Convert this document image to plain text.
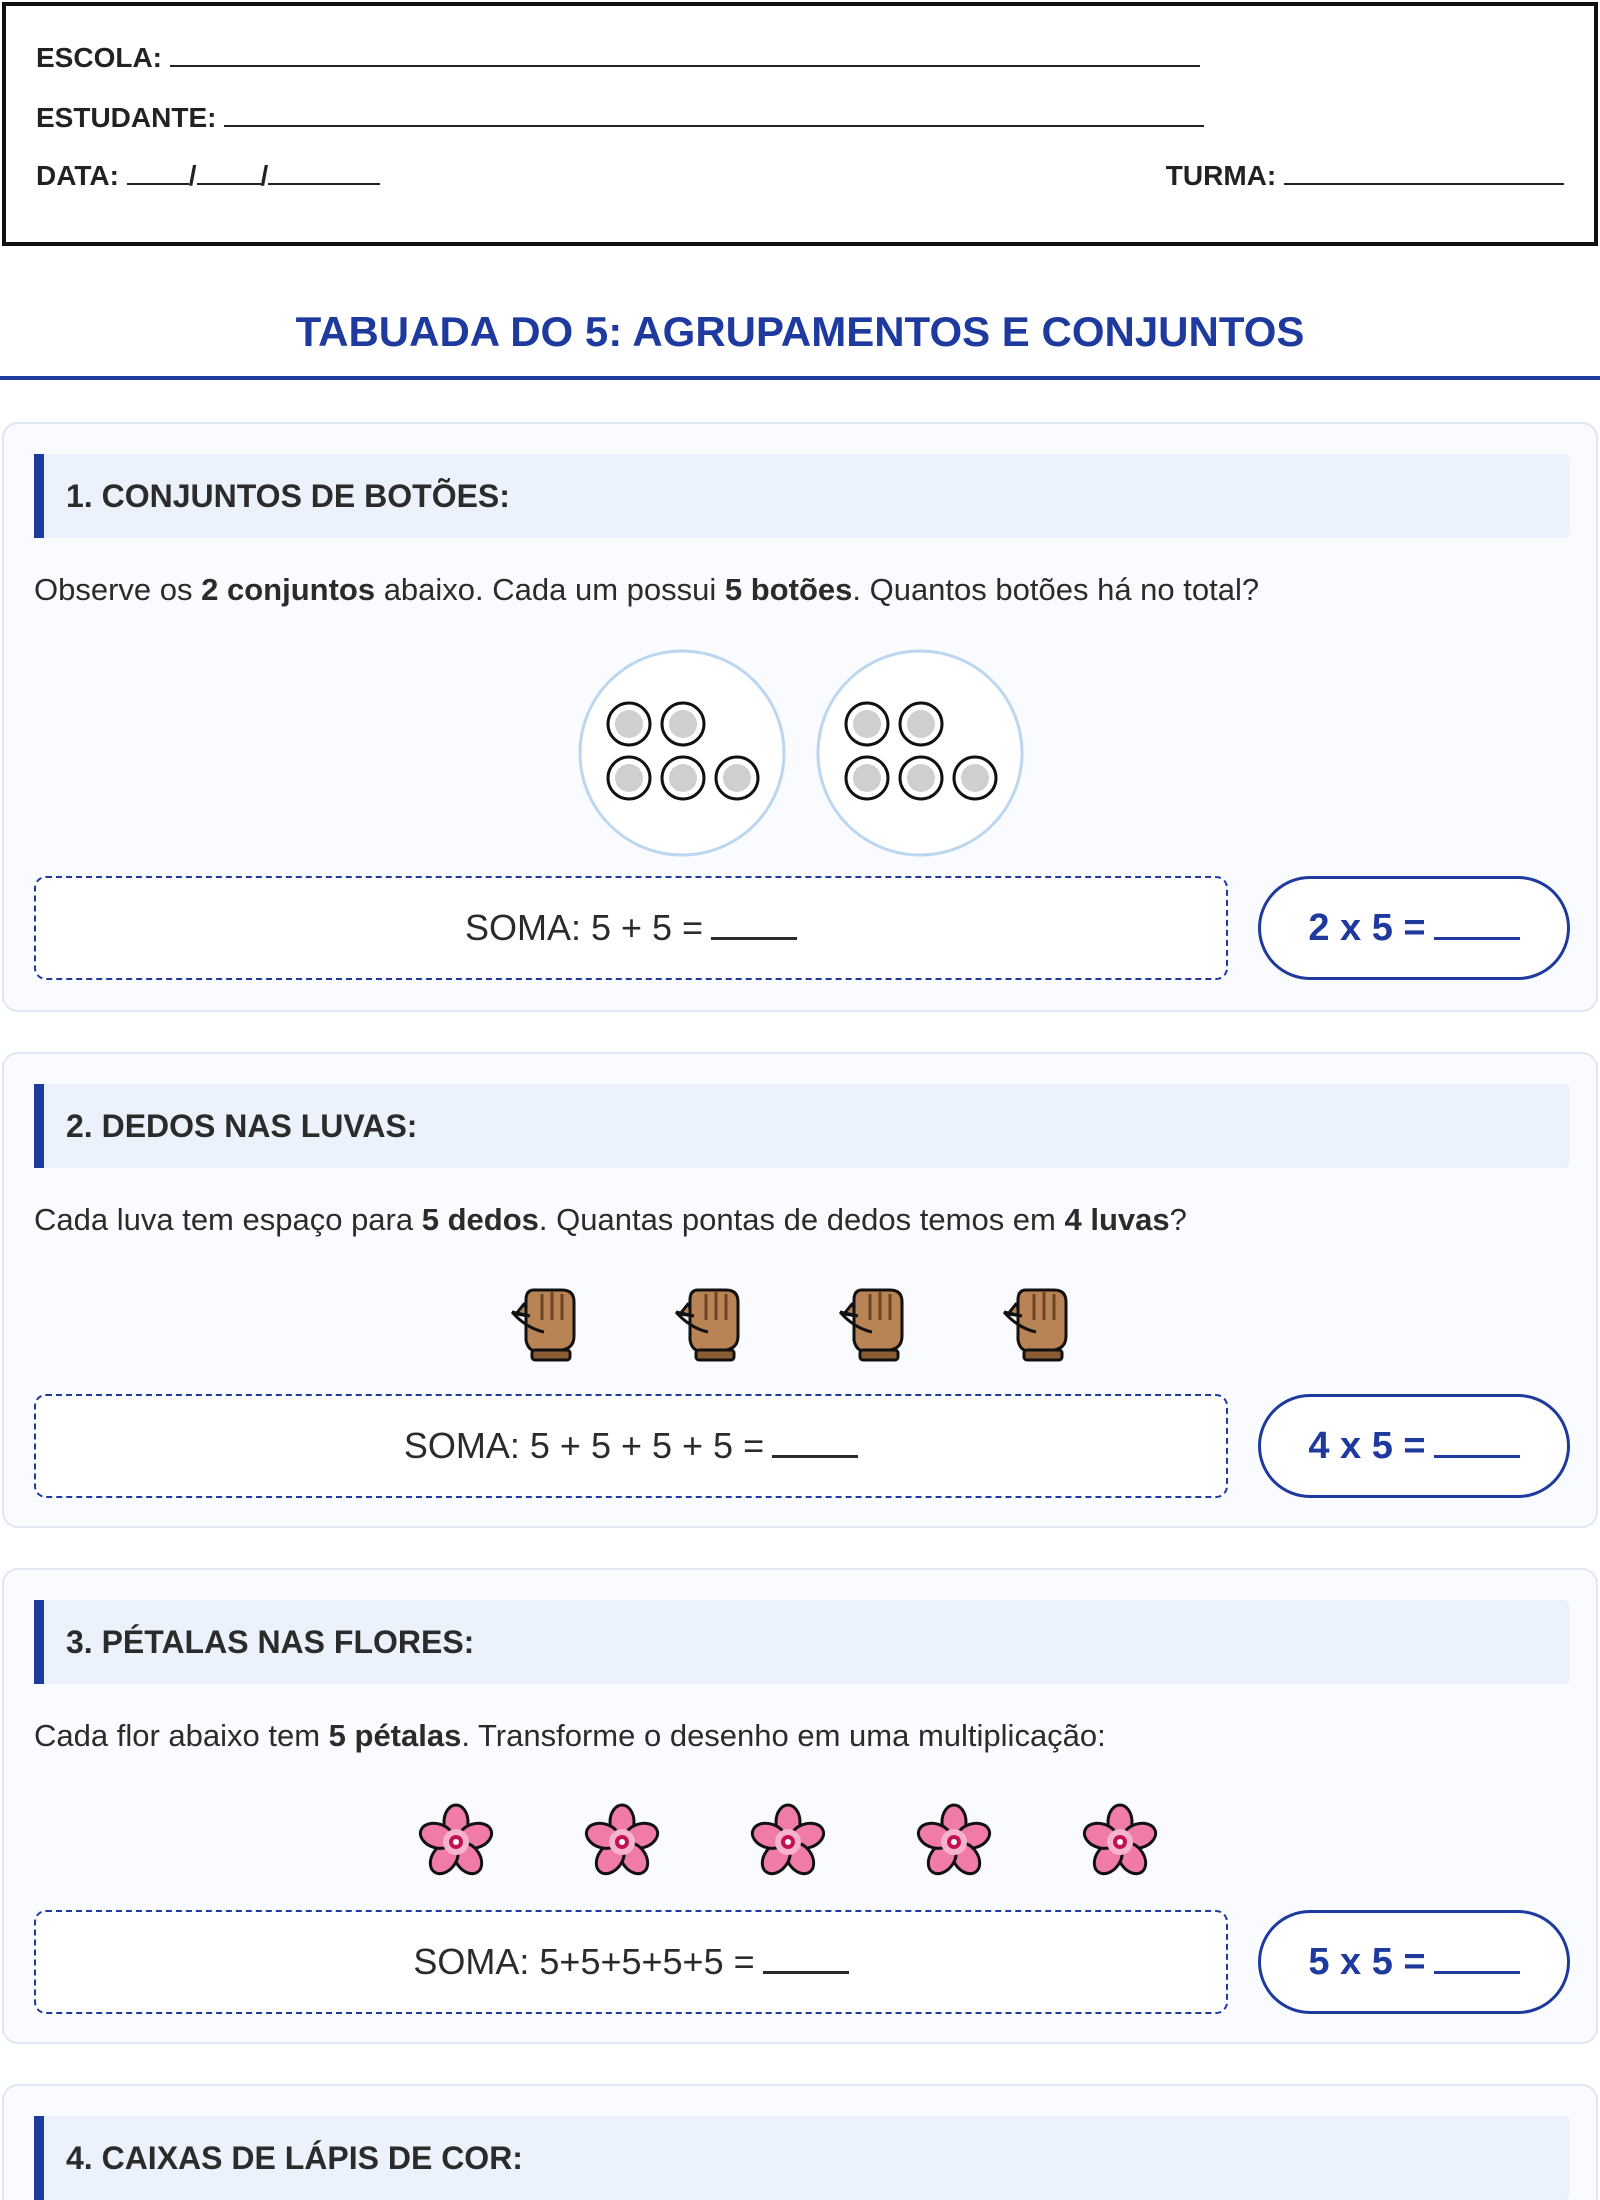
ESCOLA:
ESTUDANTE:
DATA: / /	TURMA:
TABUADA DO 5: AGRUPAMENTOS E CONJUNTOS
1. CONJUNTOS DE BOTÕES:
Observe os 2 conjuntos abaixo. Cada um possui 5 botões. Quantos botões há no total?
SOMA: 5 + 5 =	2 x 5 =
2. DEDOS NAS LUVAS:
Cada luva tem espaço para 5 dedos. Quantas pontas de dedos temos em 4 luvas?
SOMA: 5 + 5 + 5 + 5 =	4 x 5 =
3. PÉTALAS NAS FLORES:
Cada flor abaixo tem 5 pétalas. Transforme o desenho em uma multiplicação:
SOMA: 5+5+5+5+5 =	5 x 5 =
4. CAIXAS DE LÁPIS DE COR:
